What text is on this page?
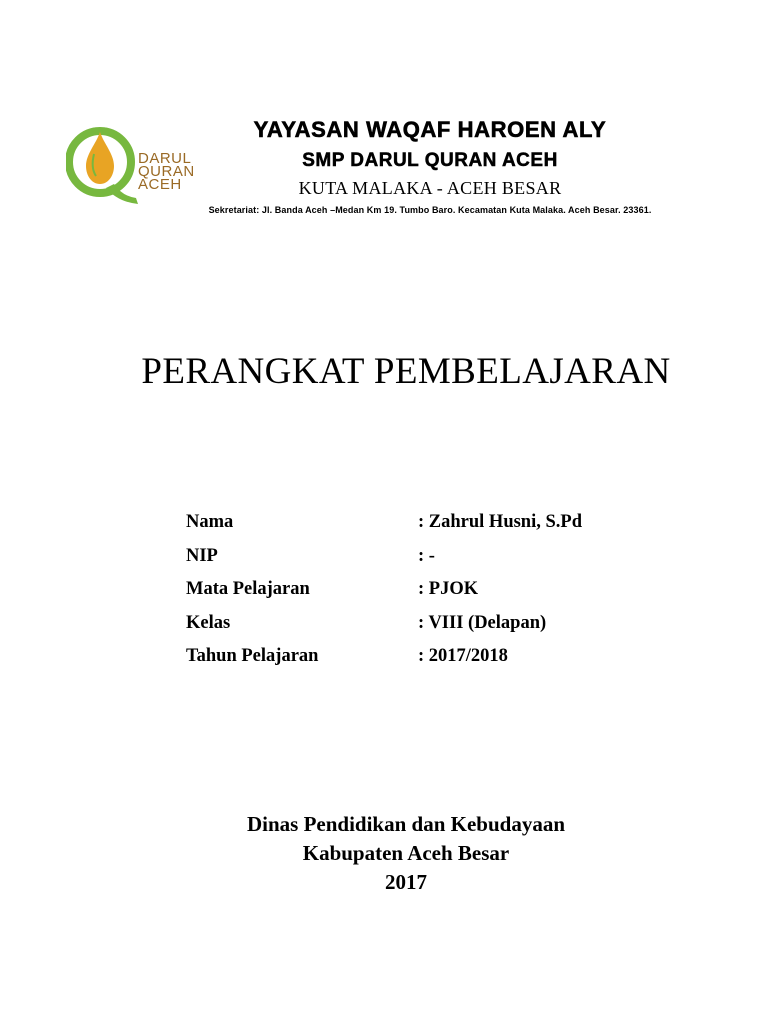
DARUL
QURAN
ACEH
YAYASAN WAQAF HAROEN ALY
SMP DARUL QURAN ACEH
KUTA MALAKA - ACEH BESAR
Sekretariat: Jl. Banda Aceh –Medan Km 19. Tumbo Baro. Kecamatan Kuta Malaka. Aceh Besar. 23361.
PERANGKAT PEMBELAJARAN
Nama	: Zahrul Husni, S.Pd
NIP	: -
Mata Pelajaran	: PJOK
Kelas	: VIII (Delapan)
Tahun Pelajaran	: 2017/2018
Dinas Pendidikan dan Kebudayaan
Kabupaten Aceh Besar
2017
